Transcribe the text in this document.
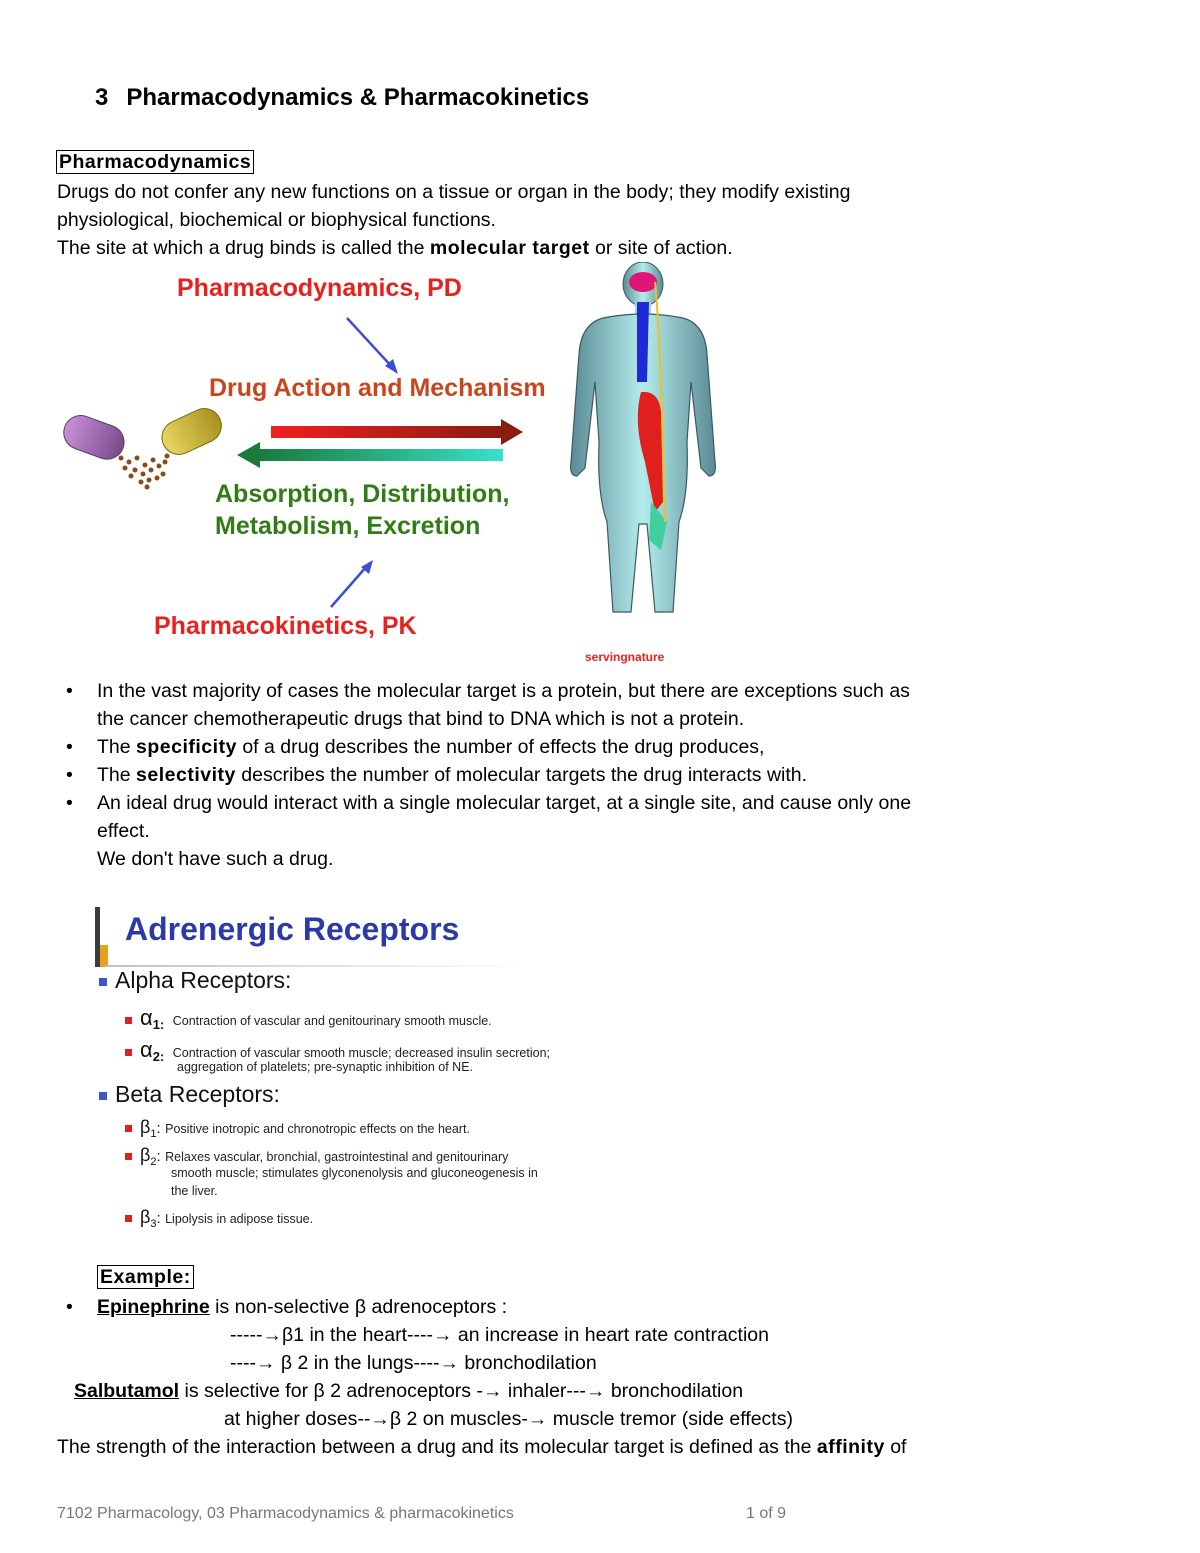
3 Pharmacodynamics & Pharmacokinetics
Pharmacodynamics
Drugs do not confer any new functions on a tissue or organ in the body; they modify existing
physiological, biochemical or biophysical functions.
The site at which a drug binds is called the molecular target or site of action.
Pharmacodynamics, PD
Drug Action and Mechanism
Absorption, Distribution,
Metabolism, Excretion
Pharmacokinetics, PK
servingnature
• In the vast majority of cases the molecular target is a protein, but there are exceptions such as
the cancer chemotherapeutic drugs that bind to DNA which is not a protein.
• The specificity of a drug describes the number of effects the drug produces,
• The selectivity describes the number of molecular targets the drug interacts with.
• An ideal drug would interact with a single molecular target, at a single site, and cause only one
effect.
We don't have such a drug.
Adrenergic Receptors
Alpha Receptors:
$\alpha_{1:}$ Contraction of vascular and genitourinary smooth muscle.
$\alpha_{2:}$ Contraction of vascular smooth muscle; decreased insulin secretion;
aggregation of platelets; pre-synaptic inhibition of NE.
Beta Receptors:
$\beta_1$: Positive inotropic and chronotropic effects on the heart.
$\beta_2$: Relaxes vascular, bronchial, gastrointestinal and genitourinary
smooth muscle; stimulates glyconenolysis and gluconeogenesis in
the liver.
$\beta_3$: Lipolysis in adipose tissue.
Example:
• Epinephrine is non-selective β adrenoceptors :
-----→β1 in the heart----→ an increase in heart rate contraction
----→ β 2 in the lungs----→ bronchodilation
Salbutamol is selective for β 2 adrenoceptors -→ inhaler---→ bronchodilation
at higher doses--→β 2 on muscles-→ muscle tremor (side effects)
The strength of the interaction between a drug and its molecular target is defined as the affinity of
7102 Pharmacology, 03 Pharmacodynamics & pharmacokinetics	1 of 9
